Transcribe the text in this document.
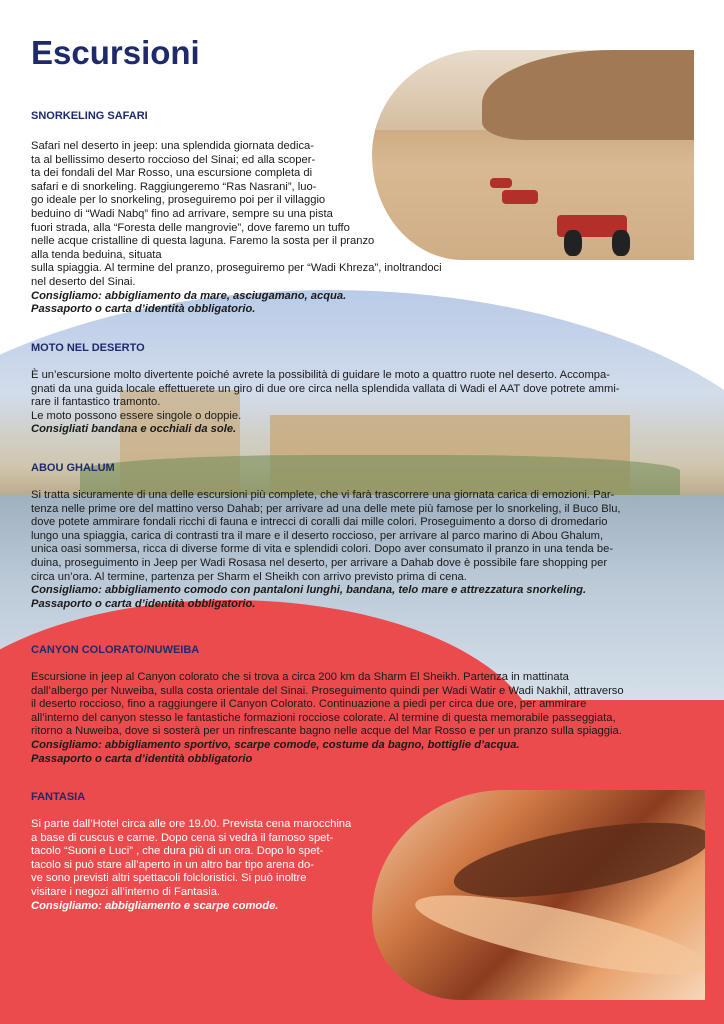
Escursioni
SNORKELING SAFARI
Safari nel deserto in jeep: una splendida giornata dedica-
ta al bellissimo deserto roccioso del Sinai; ed alla scoper-
ta dei fondali del Mar Rosso, una escursione completa di
safari e di snorkeling. Raggiungeremo “Ras Nasrani”, luo-
go ideale per lo snorkeling, proseguiremo poi per il villaggio
beduino di “Wadi Nabq” fino ad arrivare, sempre su una pista
fuori strada, alla “Foresta delle mangrovie”, dove faremo un tuffo
nelle acque cristalline di questa laguna. Faremo la sosta per il pranzo
alla tenda beduina, situata
sulla spiaggia. Al termine del pranzo, proseguiremo per “Wadi Khreza”, inoltrandoci
nel deserto del Sinai.
Consigliamo: abbigliamento da mare, asciugamano, acqua.
Passaporto o carta d’identità obbligatorio.
MOTO NEL DESERTO
È un’escursione molto divertente poiché avrete la possibilità di guidare le moto a quattro ruote nel deserto. Accompa-
gnati da una guida locale effettuerete un giro di due ore circa nella splendida vallata di Wadi el AAT dove potrete ammi-
rare il fantastico tramonto.
Le moto possono essere singole o doppie.
Consigliati bandana e occhiali da sole.
ABOU GHALUM
Si tratta sicuramente di una delle escursioni più complete, che vi farà trascorrere una giornata carica di emozioni. Par-
tenza nelle prime ore del mattino verso Dahab; per arrivare ad una delle mete più famose per lo snorkeling, il Buco Blu,
dove potete ammirare fondali ricchi di fauna e intrecci di coralli dai mille colori. Proseguimento a dorso di dromedario
lungo una spiaggia, carica di contrasti tra il mare e il deserto roccioso, per arrivare al parco marino di Abou Ghalum,
unica oasi sommersa, ricca di diverse forme di vita e splendidi colori. Dopo aver consumato il pranzo in una tenda be-
duina, proseguimento in Jeep per Wadi Rosasa nel deserto, per arrivare a Dahab dove è possibile fare shopping per
circa un’ora. Al termine, partenza per Sharm el Sheikh con arrivo previsto prima di cena.
Consigliamo: abbigliamento comodo con pantaloni lunghi, bandana, telo mare e attrezzatura snorkeling.
Passaporto o carta d’identità obbligatorio.
CANYON COLORATO/NUWEIBA
Escursione in jeep al Canyon colorato che si trova a circa 200 km da Sharm El Sheikh. Partenza in mattinata
dall’albergo per Nuweiba, sulla costa orientale del Sinai. Proseguimento quindi per Wadi Watir e Wadi Nakhil, attraverso
il deserto roccioso, fino a raggiungere il Canyon Colorato. Continuazione a piedi per circa due ore, per ammirare
all’interno del canyon stesso le fantastiche formazioni rocciose colorate. Al termine di questa memorabile passeggiata,
ritorno a Nuweiba, dove si sosterà per un rinfrescante bagno nelle acque del Mar Rosso e per un pranzo sulla spiaggia.
Consigliamo: abbigliamento sportivo, scarpe comode, costume da bagno, bottiglie d’acqua.
Passaporto o carta d’identità obbligatorio
FANTASIA
Si parte dall’Hotel circa alle ore 19.00. Prevista cena marocchina
a base di cuscus e carne. Dopo cena si vedrà il famoso spet-
tacolo “Suoni e Luci” , che dura più di un ora. Dopo lo spet-
tacolo si può stare all’aperto in un altro bar tipo arena do-
ve sono previsti altri spettacoli folcloristici. Si può inoltre
visitare i negozi all’interno di Fantasia.
Consigliamo: abbigliamento e scarpe comode.
